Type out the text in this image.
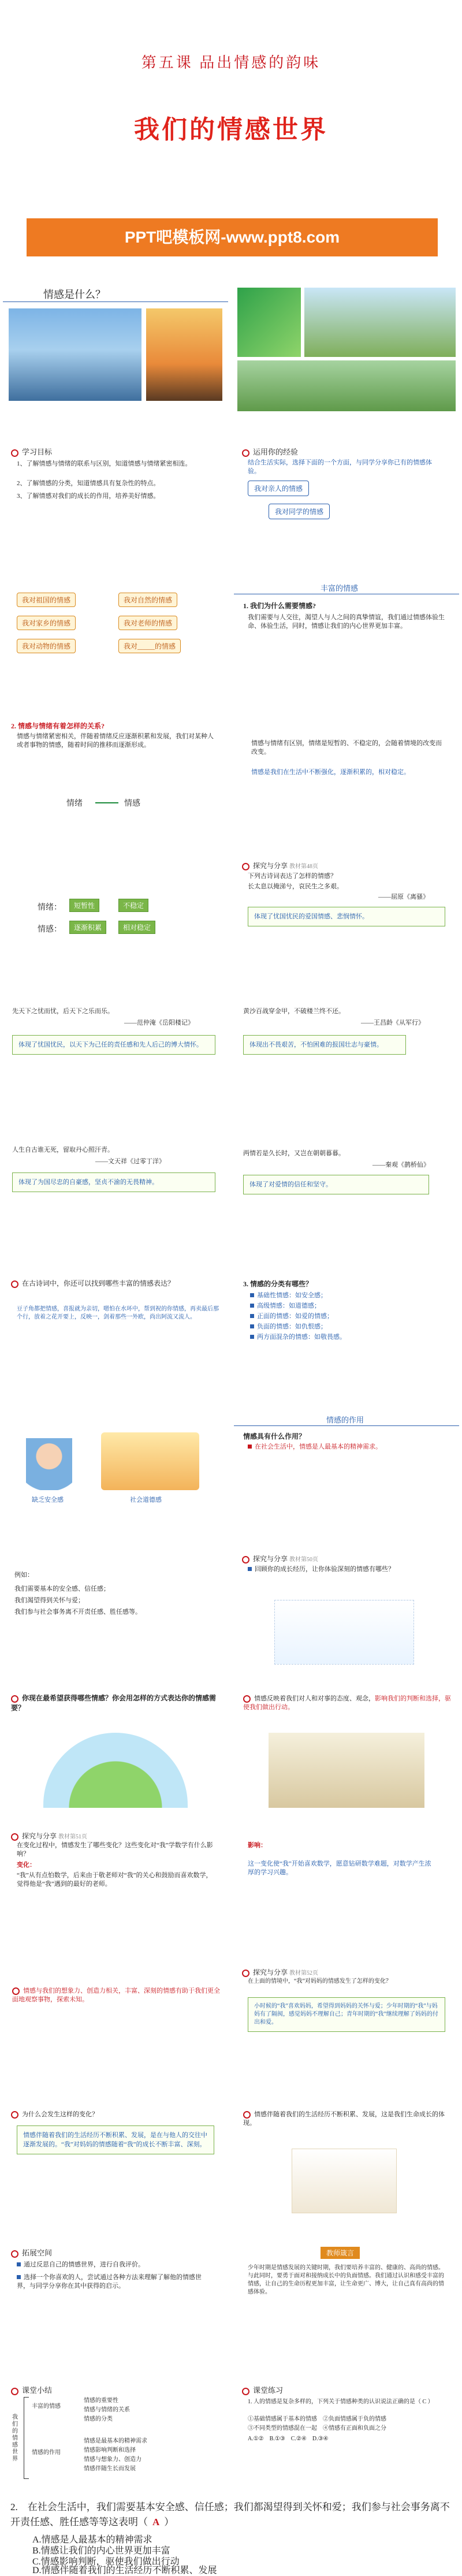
第五课 品出情感的韵味
我们的情感世界
PPT吧模板网-www.ppt8.com
情感是什么？
学习目标
1、了解情感与情绪的联系与区别，知道情感与情绪紧密相连。
2、了解情感的分类，知道情感具有复杂性的特点。
3、了解情感对我们的成长的作用，培养美好情感。
运用你的经验
结合生活实际，选择下面的一个方面，与同学分享你已有的情感体验。
我对亲人的情感
我对同学的情感
我对祖国的情感	我对自然的情感
我对家乡的情感	我对老师的情感
我对动物的情感	我对_____的情感
丰富的情感
1. 我们为什么需要情感?
我们需要与人交往，渴望人与人之间的真挚情谊，我们通过情感体验生命、体验生活，同时，情感让我们的内心世界更加丰富。
2. 情感与情绪有着怎样的关系?
情感与情绪紧密相关，伴随着情绪反应逐渐积累和发展，我们对某种人或者事物的情感，随着时间的推移而逐渐形成。
情绪	情感
情感与情绪有区别，情绪是短暂的、不稳定的，会随着情境的改变而改变。
情感是我们在生活中不断强化，逐渐积累的，相对稳定。
情绪：	短暂性	不稳定
情感：	逐渐积累	相对稳定
探究与分享 教材第48页
下列古诗词表达了怎样的情感？
长太息以掩涕兮，哀民生之多艰。
——屈原《离骚》
体现了忧国忧民的爱国情感、悲悯情怀。
先天下之忧而忧，后天下之乐而乐。
——范仲淹《岳阳楼记》
体现了忧国忧民，以天下为己任的责任感和先人后己的博大情怀。
黄沙百战穿金甲，不破楼兰终不还。
——王昌龄《从军行》
体现出不畏艰苦，不怕困难的报国壮志与豪情。
人生自古谁无死，留取丹心照汗青。
——文天祥《过零丁洋》
体现了为国尽忠的自豪感，坚贞不渝的无畏精神。
两情若是久长时，又岂在朝朝暮暮。
——秦观《鹊桥仙》
体现了对爱情的信任和坚守。
在古诗词中，你还可以找到哪些丰富的情感表达？
豆子角都把情感，喜报就为亲切，嗯怕在水环中，帮到祝的你情感，再卖最后那个行，放着之花开要上，反映一，剑着那些一外欧，尚出阿流又流人。
3. 情感的分类有哪些？
基础性情感：如安全感；
高级情感：如道德感；
正面的情感：如爱的情感；
负面的情感：如仇恨感；
两方面混杂的情感：如敬畏感。
缺乏安全感	社会道德感
情感的作用
情感具有什么作用？
在社会生活中，情感是人最基本的精神需求。
例如：
我们需要基本的安全感、信任感；
我们渴望得到关怀与爱；
我们参与社会事务离不开责任感、胜任感等。
探究与分享 教材第50页
回顾你的成长经历，让你体验深刻的情感有哪些？
你现在最希望获得哪些情感？你会用怎样的方式表达你的情感需要？
情感反映着我们对人和对事的态度、观念，影响我们的判断和选择，驱使我们做出行动。
探究与分享 教材第51页
在变化过程中，情感发生了哪些变化？这些变化对“我”学数学有什么影响？
变化：
“我”从有点怕数学，后来由于敬老师对“我”的关心和鼓励而喜欢数学，觉得他是“我”遇到的最好的老师。
影响：
这一变化使“我”开始喜欢数学，愿意钻研数学难题，对数学产生浓厚的学习兴趣。
情感与我们的想象力、创造力相关，丰富、深刻的情感有助于我们更全面地观察事物，探索未知。
探究与分享 教材第52页
在上面的情境中，“我”对妈妈的情感发生了怎样的变化？
小时候的“我”喜欢妈妈，希望得到妈妈的关怀与爱；少年时期的“我”与妈妈有了隔阂，感觉妈妈不理解自己；青年时期的“我”继续理解了妈妈的付出和爱。
为什么会发生这样的变化？
情感伴随着我们的生活经历不断积累、发展，是在与他人的交往中逐渐发展的。“我”对妈妈的情感随着“我”的成长不断丰富、深刻。
情感伴随着我们的生活经历不断积累、发展，这是我们生命成长的体现。
拓展空间
通过反思自己的情感世界，进行自我评价。
选择一个你喜欢的人，尝试通过各种方法来理解了解他的情感世界，与同学分享你在其中获得的启示。
教师箴言
少年时期是情感发展的关键时期，我们要培养丰富的、健康的、高尚的情感。与此同时，要勇于面对和接纳成长中的负面情感。我们通过认识和感受丰富的情感，让自己的生命历程更加丰富，让生命更广、博大，让自己真有高尚的情感体验。
课堂小结
我们的情感世界
丰富的情感
情感的作用
情感的重要性
情感与情绪的关系
情感的分类
情感是最基本的精神需求
情感影响判断和选择
情感与想象力、创造力
情感伴随生长而发展
课堂练习
1. 人的情感是复杂多样的，下列关于情感种类的认识说法正确的是（ C ）
①基础情感属于基本的情感　②负面情感属于负的情感
③不同类型的情感混在一起　④情感有正面和负面之分
A.①②　B.①③　C.②④　D.③④
2.　在社会生活中，我们需要基本安全感、信任感；我们都渴望得到关怀和爱；我们参与社会事务离不开责任感、胜任感等等这表明（ A ）
A.情感是人最基本的精神需求
B.情感让我们的内心世界更加丰富
C.情感影响判断，驱使我们做出行动
D.情感伴随着我们的生活经历不断积累、发展
